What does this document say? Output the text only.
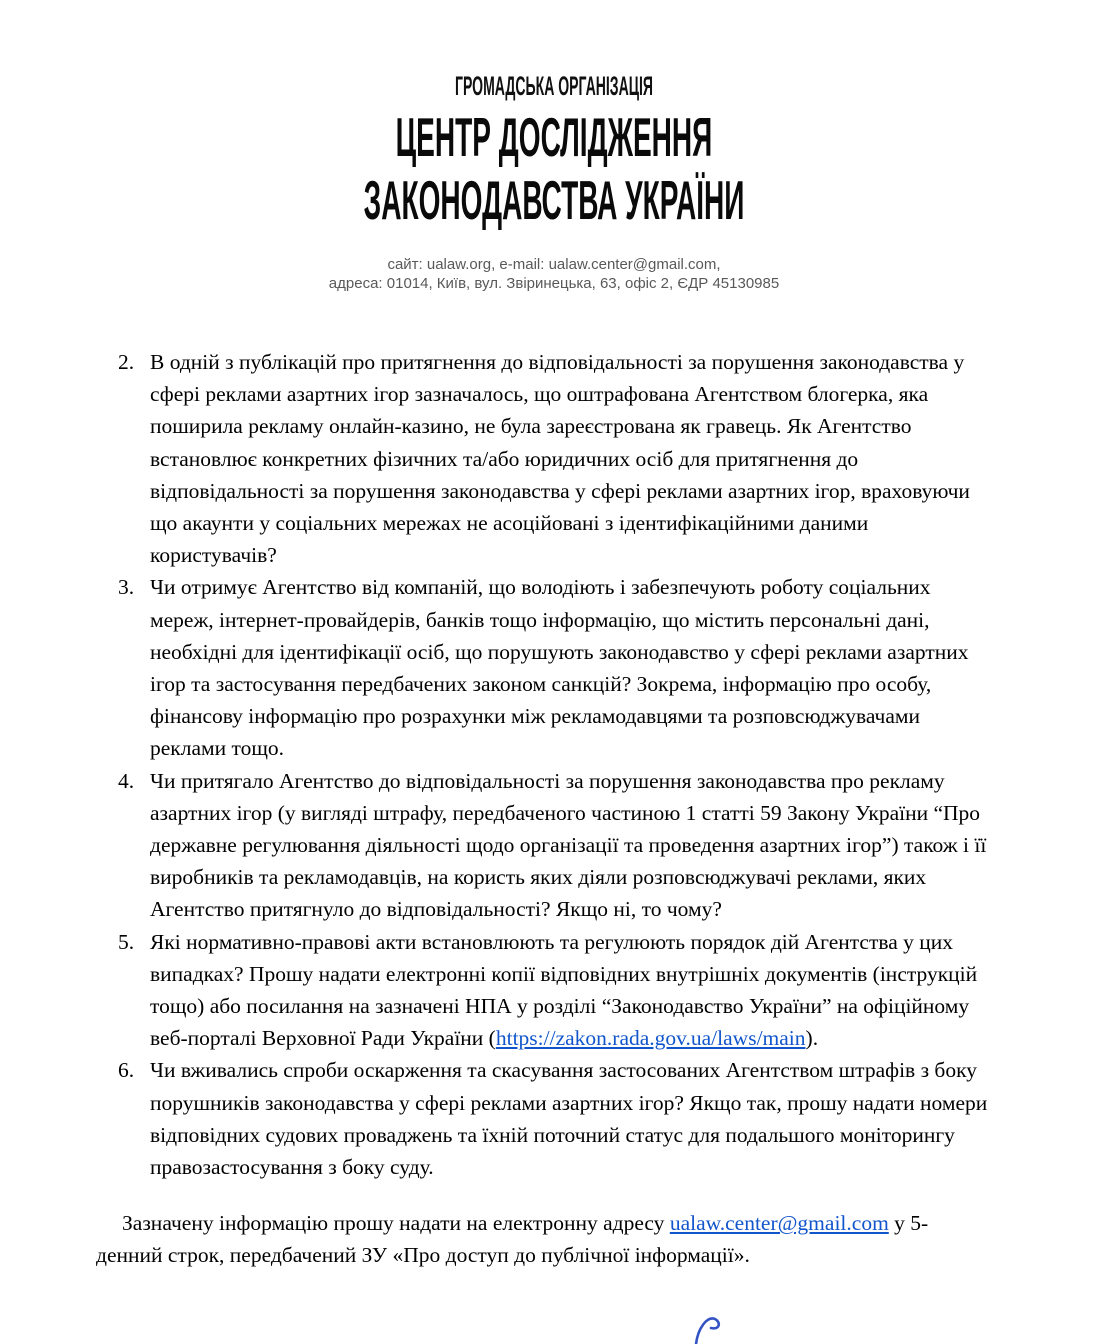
ГРОМАДСЬКА ОРГАНІЗАЦІЯ
ЦЕНТР ДОСЛІДЖЕННЯ
ЗАКОНОДАВСТВА УКРАЇНИ
сайт: ualaw.org, e-mail: ualaw.center@gmail.com,
адреса: 01014, Київ, вул. Звіринецька, 63, офіс 2, ЄДР 45130985
2. В одній з публікацій про притягнення до відповідальності за порушення законодавства у сфері реклами азартних ігор зазначалось, що оштрафована Агентством блогерка, яка поширила рекламу онлайн-казино, не була зареєстрована як гравець. Як Агентство встановлює конкретних фізичних та/або юридичних осіб для притягнення до відповідальності за порушення законодавства у сфері реклами азартних ігор, враховуючи що акаунти у соціальних мережах не асоційовані з ідентифікаційними даними користувачів?
3. Чи отримує Агентство від компаній, що володіють і забезпечують роботу соціальних мереж, інтернет-провайдерів, банків тощо інформацію, що містить персональні дані, необхідні для ідентифікації осіб, що порушують законодавство у сфері реклами азартних ігор та застосування передбачених законом санкцій? Зокрема, інформацію про особу, фінансову інформацію про розрахунки між рекламодавцями та розповсюджувачами реклами тощо.
4. Чи притягало Агентство до відповідальності за порушення законодавства про рекламу азартних ігор (у вигляді штрафу, передбаченого частиною 1 статті 59 Закону України “Про державне регулювання діяльності щодо організації та проведення азартних ігор”) також і її виробників та рекламодавців, на користь яких діяли розповсюджувачі реклами, яких Агентство притягнуло до відповідальності? Якщо ні, то чому?
5. Які нормативно-правові акти встановлюють та регулюють порядок дій Агентства у цих випадках? Прошу надати електронні копії відповідних внутрішніх документів (інструкцій тощо) або посилання на зазначені НПА у розділі “Законодавство України” на офіційному веб-порталі Верховної Ради України (https://zakon.rada.gov.ua/laws/main).
6. Чи вживались спроби оскарження та скасування застосованих Агентством штрафів з боку порушників законодавства у сфері реклами азартних ігор? Якщо так, прошу надати номери відповідних судових проваджень та їхній поточний статус для подальшого моніторингу правозастосування з боку суду.

Зазначену інформацію прошу надати на електронну адресу ualaw.center@gmail.com у 5-денний строк, передбачений ЗУ «Про доступ до публічної інформації».
